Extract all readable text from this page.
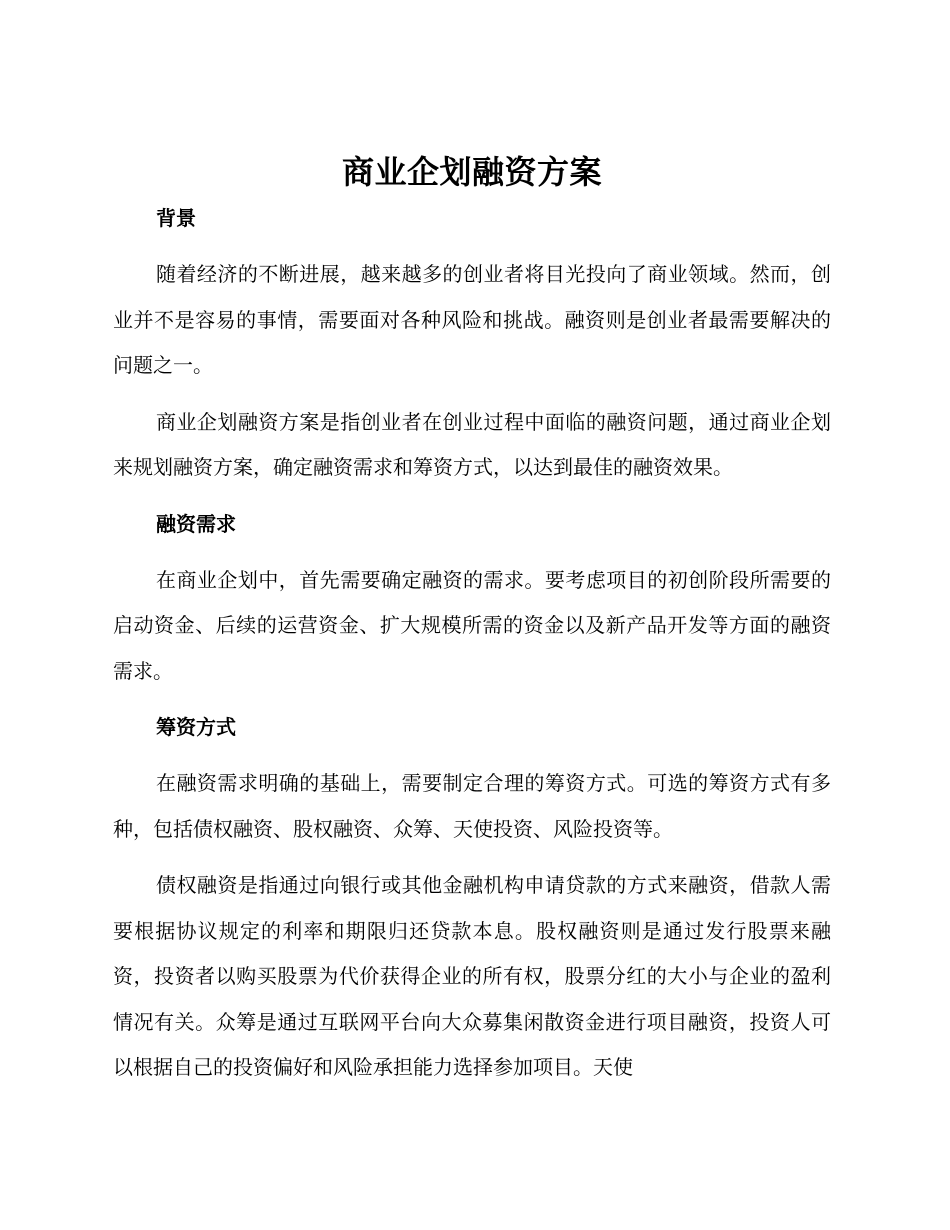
商业企划融资方案
背景

随着经济的不断进展，越来越多的创业者将目光投向了商业领域。然而，创业并不是容易的事情，需要面对各种风险和挑战。融资则是创业者最需要解决的问题之一。

商业企划融资方案是指创业者在创业过程中面临的融资问题，通过商业企划来规划融资方案，确定融资需求和筹资方式，以达到最佳的融资效果。

融资需求

在商业企划中，首先需要确定融资的需求。要考虑项目的初创阶段所需要的启动资金、后续的运营资金、扩大规模所需的资金以及新产品开发等方面的融资需求。

筹资方式

在融资需求明确的基础上，需要制定合理的筹资方式。可选的筹资方式有多种，包括债权融资、股权融资、众筹、天使投资、风险投资等。

债权融资是指通过向银行或其他金融机构申请贷款的方式来融资，借款人需要根据协议规定的利率和期限归还贷款本息。股权融资则是通过发行股票来融资，投资者以购买股票为代价获得企业的所有权，股票分红的大小与企业的盈利情况有关。众筹是通过互联网平台向大众募集闲散资金进行项目融资，投资人可以根据自己的投资偏好和风险承担能力选择参加项目。天使
